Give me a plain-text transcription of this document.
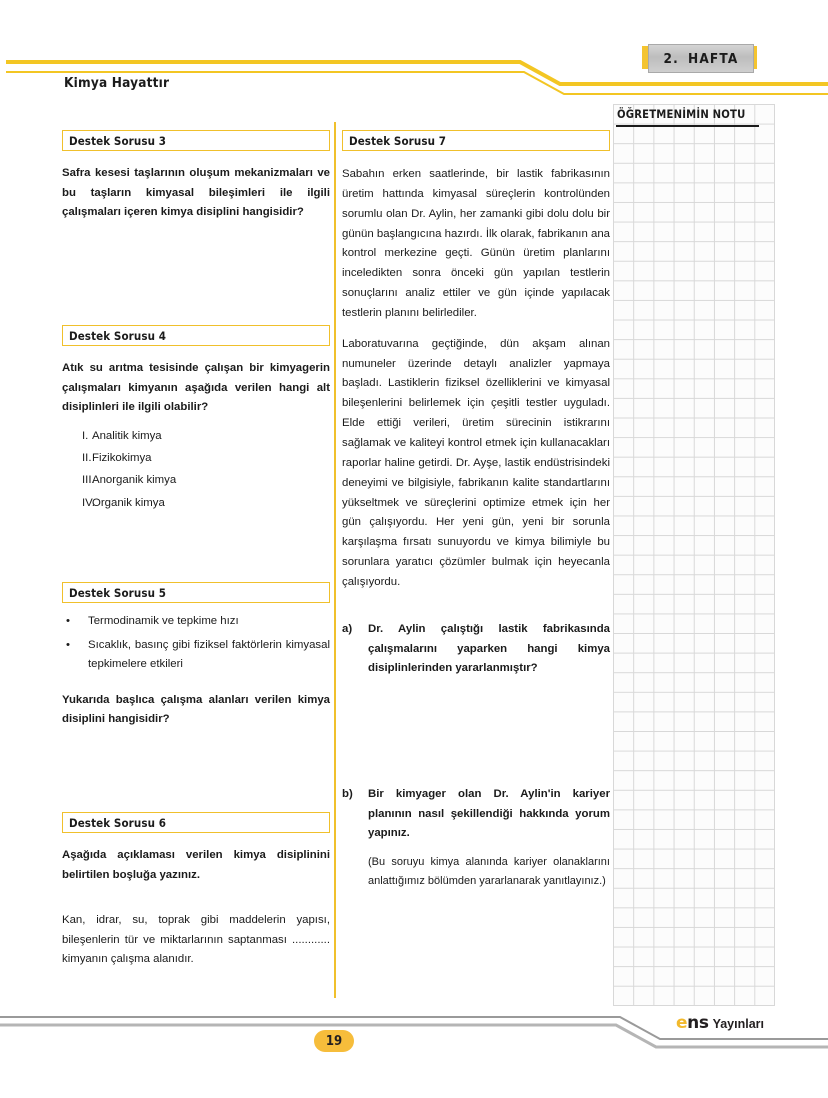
2. HAFTA
Kimya Hayattır
Destek Sorusu 3
Safra kesesi taşlarının oluşum mekanizmaları ve bu taşların kimyasal bileşimleri ile ilgili çalışmaları içeren kimya disiplini hangisidir?
Destek Sorusu 4
Atık su arıtma tesisinde çalışan bir kimyagerin çalışmaları kimyanın aşağıda verilen hangi alt disiplinleri ile ilgili olabilir?
I. Analitik kimya
II. Fizikokimya
III.
Anorganik kimya
IV.
Organik kimya
Destek Sorusu 5
•	Termodinamik ve tepkime hızı
•	Sıcaklık, basınç gibi fiziksel faktörlerin kimyasal tepkimelere etkileri
Yukarıda başlıca çalışma alanları verilen kimya disiplini hangisidir?
Destek Sorusu 6
Aşağıda açıklaması verilen kimya disiplinini belirtilen boşluğa yazınız.
Kan, idrar, su, toprak gibi maddelerin yapısı, bileşenlerin tür ve miktarlarının saptanması ............ kimyanın çalışma alanıdır.
Destek Sorusu 7
Sabahın erken saatlerinde, bir lastik fabrikasının üretim hattında kimyasal süreçlerin kontrolünden sorumlu olan Dr. Aylin, her zamanki gibi dolu dolu bir günün başlangıcına hazırdı. İlk olarak, fabrikanın ana kontrol merkezine geçti. Günün üretim planlarını inceledikten sonra önceki gün yapılan testlerin sonuçlarını analiz ettiler ve gün içinde yapılacak testlerin planını belirlediler.
Laboratuvarına geçtiğinde, dün akşam alınan numuneler üzerinde detaylı analizler yapmaya başladı. Lastiklerin fiziksel özelliklerini ve kimyasal bileşenlerini belirlemek için çeşitli testler uyguladı. Elde ettiği verileri, üretim sürecinin istikrarını sağlamak ve kaliteyi kontrol etmek için kullanacakları raporlar haline getirdi. Dr. Ayşe, lastik endüstrisindeki deneyimi ve bilgisiyle, fabrikanın kalite standartlarını yükseltmek ve süreçlerini optimize etmek için her gün çalışıyordu. Her yeni gün, yeni bir sorunla karşılaşma fırsatı sunuyordu ve kimya bilimiyle bu sorunlara yaratıcı çözümler bulmak için heyecanla çalışıyordu.
a)	Dr. Aylin çalıştığı lastik fabrikasında çalışmalarını yaparken hangi kimya disiplinlerinden yararlanmıştır?
b)	Bir kimyager olan Dr. Aylin'in kariyer planının nasıl şekillendiği hakkında yorum yapınız.
(Bu soruyu kimya alanında kariyer olanaklarını anlattığımız bölümden yararlanarak yanıtlayınız.)
ÖĞRETMENİMİN NOTU
19
e ns Yayınları
